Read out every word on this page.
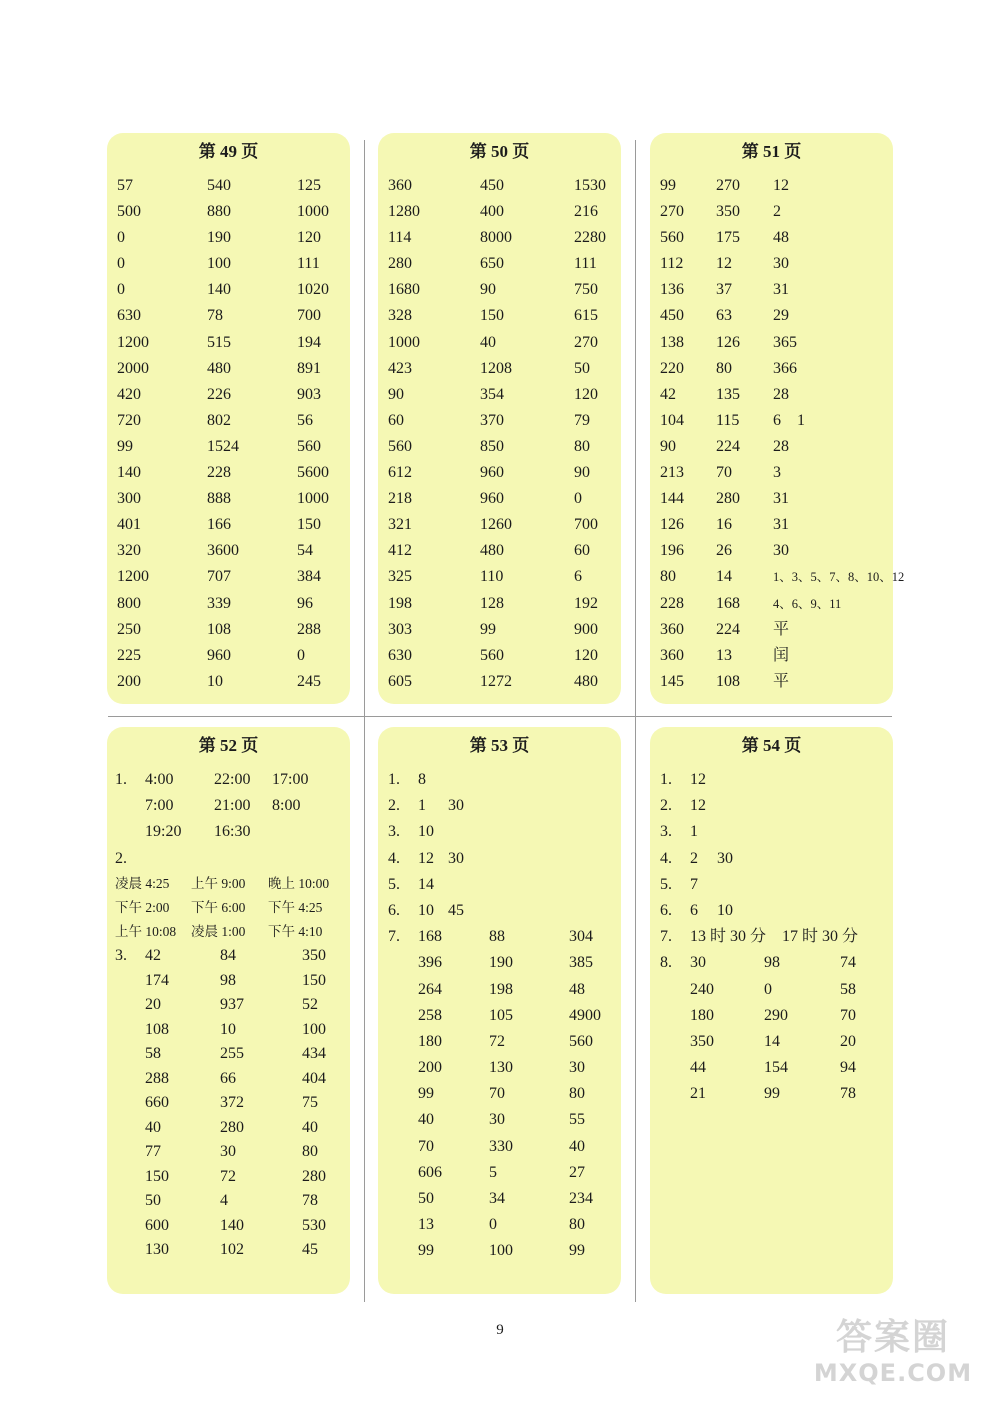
第 49 页
57	540	125
500	880	1000
0	190	120
0	100	111
0	140	1020
630	78	700
1200	515	194
2000	480	891
420	226	903
720	802	56
99	1524	560
140	228	5600
300	888	1000
401	166	150
320	3600	54
1200	707	384
800	339	96
250	108	288
225	960	0
200	10	245
第 50 页
360	450	1530
1280	400	216
114	8000	2280
280	650	111
1680	90	750
328	150	615
1000	40	270
423	1208	50
90	354	120
60	370	79
560	850	80
612	960	90
218	960	0
321	1260	700
412	480	60
325	110	6
198	128	192
303	99	900
630	560	120
605	1272	480
第 51 页
99	270 12
270 350 2
560 175 48
112 12	30
136 37	31
450 63	29
138 126 365
220 80	366
42	135 28
104 115 6　1
90	224 28
213 70	3
144 280 31
126 16	31
196 26	30
80	14	1、3、5、7、8、10、12
228 168	4、6、9、11
360 224 平
360 13	闰
145 108 平
第 52 页
1. 4:00	22:00 17:00
7:00	21:00 8:00
19:20 16:30
2.
凌晨 4:25 上午 9:00 晚上 10:00
下午 2:00 下午 6:00 下午 4:25
上午 10:08 凌晨 1:00 下午 4:10
3. 42	84	350
174	98	150
20	937	52
108	10	100
58	255	434
288	66	404
660	372	75
40	280	40
77	30	80
150	72	280
50	4	78
600	140	530
130	102	45
第 53 页
1. 8
2. 1 30
3. 10
4. 12 30
5. 14
6. 10 45
7. 168	88	304
396	190	385
264	198	48
258	105	4900
180	72	560
200	130	30
99	70	80
40	30	55
70	330	40
606	5	27
50	34	234
13	0	80
99	100	99
第 54 页
1. 12
2. 12
3. 1
4. 2 30
5. 7
6. 6 10
7. 13 时 30 分　17 时 30 分
8. 30	98	74
240	0	58
180	290	70
350	14	20
44	154	94
21	99	78
9	答案圈
MXQE.COM
